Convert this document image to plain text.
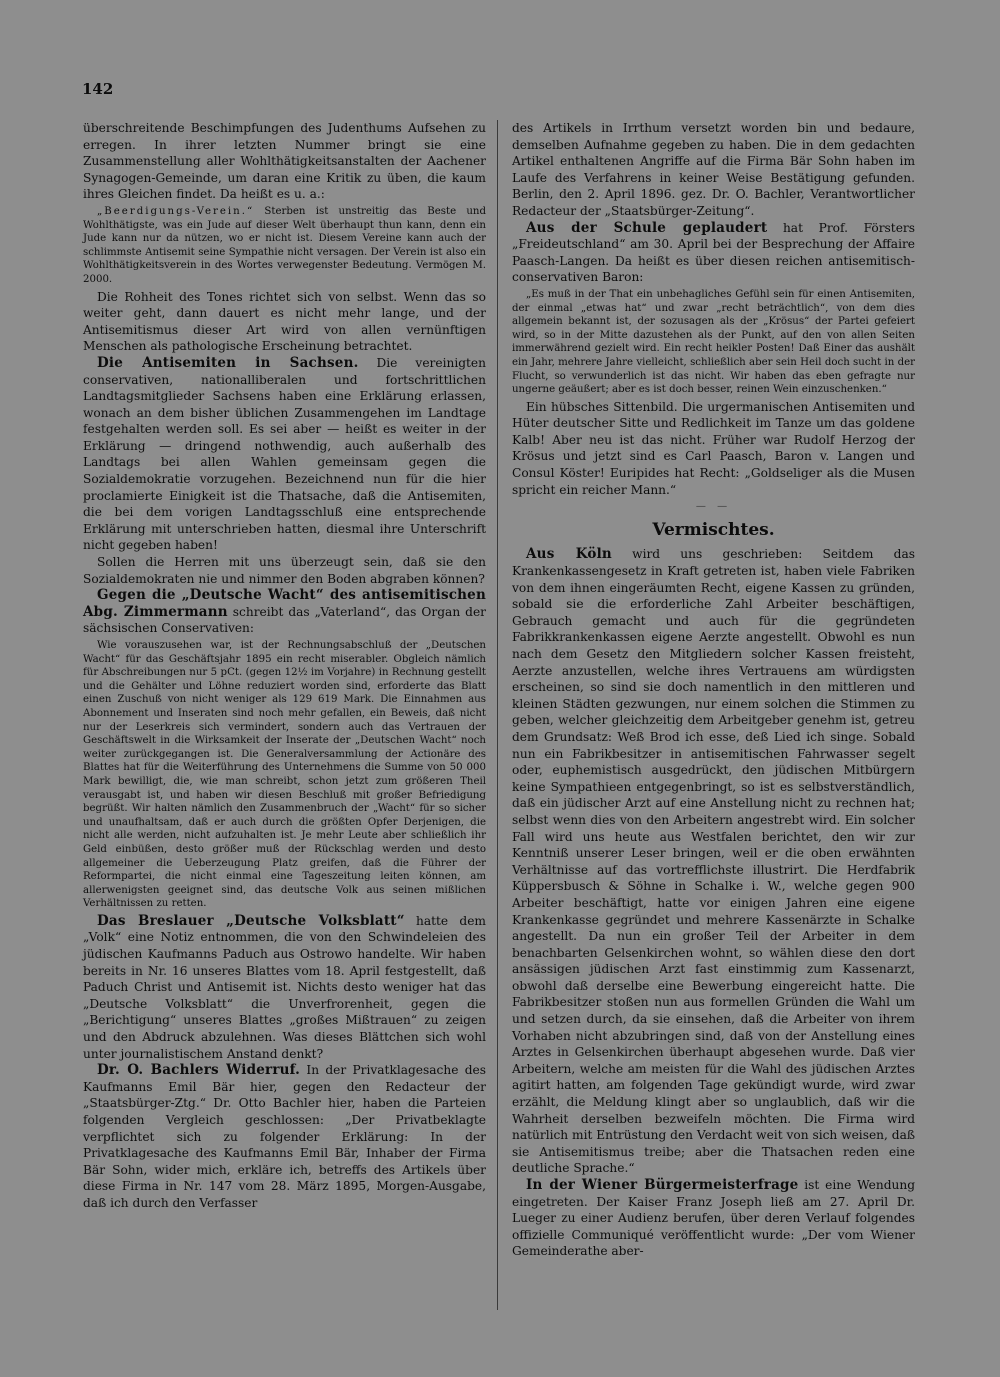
142

überschreitende Beschimpfungen des Judenthums Aufsehen zu erregen. In ihrer letzten Nummer bringt sie eine Zusammenstellung aller Wohlthätigkeitsanstalten der Aachener Synagogen-Gemeinde, um daran eine Kritik zu üben, die kaum ihres Gleichen findet. Da heißt es u. a.:

„Beerdigungs-Verein.“ Sterben ist unstreitig das Beste und Wohlthätigste, was ein Jude auf dieser Welt überhaupt thun kann, denn ein Jude kann nur da nützen, wo er nicht ist. Diesem Vereine kann auch der schlimmste Antisemit seine Sympathie nicht versagen. Der Verein ist also ein Wohlthätigkeitsverein in des Wortes verwegenster Bedeutung. Vermögen M. 2000.

Die Rohheit des Tones richtet sich von selbst. Wenn das so weiter geht, dann dauert es nicht mehr lange, und der Antisemitismus dieser Art wird von allen vernünftigen Menschen als pathologische Erscheinung betrachtet.

Die Antisemiten in Sachsen. Die vereinigten conservativen, nationalliberalen und fortschrittlichen Landtagsmitglieder Sachsens haben eine Erklärung erlassen, wonach an dem bisher üblichen Zusammengehen im Landtage festgehalten werden soll. Es sei aber — heißt es weiter in der Erklärung — dringend nothwendig, auch außerhalb des Landtags bei allen Wahlen gemeinsam gegen die Sozialdemokratie vorzugehen. Bezeichnend nun für die hier proclamierte Einigkeit ist die Thatsache, daß die Antisemiten, die bei dem vorigen Landtagsschluß eine entsprechende Erklärung mit unterschrieben hatten, diesmal ihre Unterschrift nicht gegeben haben!

Sollen die Herren mit uns überzeugt sein, daß sie den Sozialdemokraten nie und nimmer den Boden abgraben können?

Gegen die „Deutsche Wacht“ des antisemitischen Abg. Zimmermann schreibt das „Vaterland“, das Organ der sächsischen Conservativen:

Wie vorauszusehen war, ist der Rechnungsabschluß der „Deutschen Wacht“ für das Geschäftsjahr 1895 ein recht miserabler. Obgleich nämlich für Abschreibungen nur 5 pCt. (gegen 12½ im Vorjahre) in Rechnung gestellt und die Gehälter und Löhne reduziert worden sind, erforderte das Blatt einen Zuschuß von nicht weniger als 129 619 Mark. Die Einnahmen aus Abonnement und Inseraten sind noch mehr gefallen, ein Beweis, daß nicht nur der Leserkreis sich vermindert, sondern auch das Vertrauen der Geschäftswelt in die Wirksamkeit der Inserate der „Deutschen Wacht“ noch weiter zurückgegangen ist. Die Generalversammlung der Actionäre des Blattes hat für die Weiterführung des Unternehmens die Summe von 50 000 Mark bewilligt, die, wie man schreibt, schon jetzt zum größeren Theil verausgabt ist, und haben wir diesen Beschluß mit großer Befriedigung begrüßt. Wir halten nämlich den Zusammenbruch der „Wacht“ für so sicher und unaufhaltsam, daß er auch durch die größten Opfer Derjenigen, die nicht alle werden, nicht aufzuhalten ist. Je mehr Leute aber schließlich ihr Geld einbüßen, desto größer muß der Rückschlag werden und desto allgemeiner die Ueberzeugung Platz greifen, daß die Führer der Reformpartei, die nicht einmal eine Tageszeitung leiten können, am allerwenigsten geeignet sind, das deutsche Volk aus seinen mißlichen Verhältnissen zu retten.

Das Breslauer „Deutsche Volksblatt“ hatte dem „Volk“ eine Notiz entnommen, die von den Schwindeleien des jüdischen Kaufmanns Paduch aus Ostrowo handelte. Wir haben bereits in Nr. 16 unseres Blattes vom 18. April festgestellt, daß Paduch Christ und Antisemit ist. Nichts desto weniger hat das „Deutsche Volksblatt“ die Unverfrorenheit, gegen die „Berichtigung“ unseres Blattes „großes Mißtrauen“ zu zeigen und den Abdruck abzulehnen. Was dieses Blättchen sich wohl unter journalistischem Anstand denkt?

Dr. O. Bachlers Widerruf. In der Privatklagesache des Kaufmanns Emil Bär hier, gegen den Redacteur der „Staatsbürger-Ztg.“ Dr. Otto Bachler hier, haben die Parteien folgenden Vergleich geschlossen: „Der Privatbeklagte verpflichtet sich zu folgender Erklärung: In der Privatklagesache des Kaufmanns Emil Bär, Inhaber der Firma Bär Sohn, wider mich, erkläre ich, betreffs des Artikels über diese Firma in Nr. 147 vom 28. März 1895, Morgen-Ausgabe, daß ich durch den Verfasser

des Artikels in Irrthum versetzt worden bin und bedaure, demselben Aufnahme gegeben zu haben. Die in dem gedachten Artikel enthaltenen Angriffe auf die Firma Bär Sohn haben im Laufe des Verfahrens in keiner Weise Bestätigung gefunden. Berlin, den 2. April 1896. gez. Dr. O. Bachler, Verantwortlicher Redacteur der „Staatsbürger-Zeitung“.

Aus der Schule geplaudert hat Prof. Försters „Freideutschland“ am 30. April bei der Besprechung der Affaire Paasch-Langen. Da heißt es über diesen reichen antisemitisch-conservativen Baron:

„Es muß in der That ein unbehagliches Gefühl sein für einen Antisemiten, der einmal „etwas hat“ und zwar „recht beträchtlich“, von dem dies allgemein bekannt ist, der sozusagen als der „Krösus“ der Partei gefeiert wird, so in der Mitte dazustehen als der Punkt, auf den von allen Seiten immerwährend gezielt wird. Ein recht heikler Posten! Daß Einer das aushält ein Jahr, mehrere Jahre vielleicht, schließlich aber sein Heil doch sucht in der Flucht, so verwunderlich ist das nicht. Wir haben das eben gefragte nur ungerne geäußert; aber es ist doch besser, reinen Wein einzuschenken.“

Ein hübsches Sittenbild. Die urgermanischen Antisemiten und Hüter deutscher Sitte und Redlichkeit im Tanze um das goldene Kalb! Aber neu ist das nicht. Früher war Rudolf Herzog der Krösus und jetzt sind es Carl Paasch, Baron v. Langen und Consul Köster! Euripides hat Recht: „Goldseliger als die Musen spricht ein reicher Mann.“

— —
Vermischtes.

Aus Köln wird uns geschrieben: Seitdem das Krankenkassengesetz in Kraft getreten ist, haben viele Fabriken von dem ihnen eingeräumten Recht, eigene Kassen zu gründen, sobald sie die erforderliche Zahl Arbeiter beschäftigen, Gebrauch gemacht und auch für die gegründeten Fabrikkrankenkassen eigene Aerzte angestellt. Obwohl es nun nach dem Gesetz den Mitgliedern solcher Kassen freisteht, Aerzte anzustellen, welche ihres Vertrauens am würdigsten erscheinen, so sind sie doch namentlich in den mittleren und kleinen Städten gezwungen, nur einem solchen die Stimmen zu geben, welcher gleichzeitig dem Arbeitgeber genehm ist, getreu dem Grundsatz: Weß Brod ich esse, deß Lied ich singe. Sobald nun ein Fabrikbesitzer in antisemitischen Fahrwasser segelt oder, euphemistisch ausgedrückt, den jüdischen Mitbürgern keine Sympathieen entgegenbringt, so ist es selbstverständlich, daß ein jüdischer Arzt auf eine Anstellung nicht zu rechnen hat; selbst wenn dies von den Arbeitern angestrebt wird. Ein solcher Fall wird uns heute aus Westfalen berichtet, den wir zur Kenntniß unserer Leser bringen, weil er die oben erwähnten Verhältnisse auf das vortrefflichste illustrirt. Die Herdfabrik Küppersbusch & Söhne in Schalke i. W., welche gegen 900 Arbeiter beschäftigt, hatte vor einigen Jahren eine eigene Krankenkasse gegründet und mehrere Kassenärzte in Schalke angestellt. Da nun ein großer Teil der Arbeiter in dem benachbarten Gelsenkirchen wohnt, so wählen diese den dort ansässigen jüdischen Arzt fast einstimmig zum Kassenarzt, obwohl daß derselbe eine Bewerbung eingereicht hatte. Die Fabrikbesitzer stoßen nun aus formellen Gründen die Wahl um und setzen durch, da sie einsehen, daß die Arbeiter von ihrem Vorhaben nicht abzubringen sind, daß von der Anstellung eines Arztes in Gelsenkirchen überhaupt abgesehen wurde. Daß vier Arbeitern, welche am meisten für die Wahl des jüdischen Arztes agitirt hatten, am folgenden Tage gekündigt wurde, wird zwar erzählt, die Meldung klingt aber so unglaublich, daß wir die Wahrheit derselben bezweifeln möchten. Die Firma wird natürlich mit Entrüstung den Verdacht weit von sich weisen, daß sie Antisemitismus treibe; aber die Thatsachen reden eine deutliche Sprache.“

In der Wiener Bürgermeisterfrage ist eine Wendung eingetreten. Der Kaiser Franz Joseph ließ am 27. April Dr. Lueger zu einer Audienz berufen, über deren Verlauf folgendes offizielle Communiqué veröffentlicht wurde: „Der vom Wiener Gemeinderathe aber-
